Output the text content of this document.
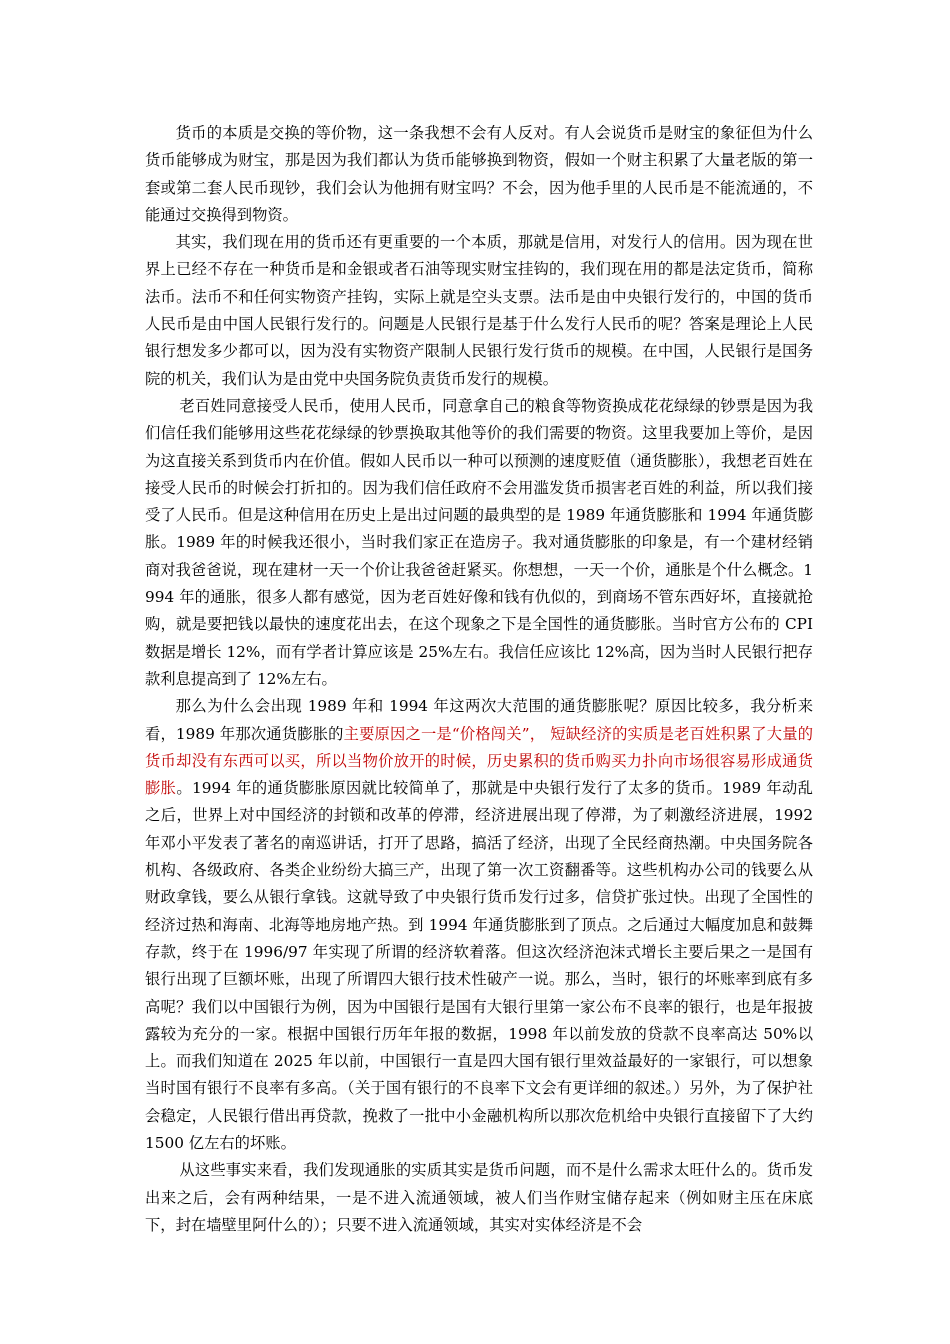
货币的本质是交换的等价物，这一条我想不会有人反对。有人会说货币是财宝的象征但为什么货币能够成为财宝，那是因为我们都认为货币能够换到物资，假如一个财主积累了大量老版的第一套或第二套人民币现钞，我们会认为他拥有财宝吗？不会，因为他手里的人民币是不能流通的，不能通过交换得到物资。

其实，我们现在用的货币还有更重要的一个本质，那就是信用，对发行人的信用。因为现在世界上已经不存在一种货币是和金银或者石油等现实财宝挂钩的，我们现在用的都是法定货币，简称法币。法币不和任何实物资产挂钩，实际上就是空头支票。法币是由中央银行发行的，中国的货币人民币是由中国人民银行发行的。问题是人民银行是基于什么发行人民币的呢？答案是理论上人民银行想发多少都可以，因为没有实物资产限制人民银行发行货币的规模。在中国，人民银行是国务院的机关，我们认为是由党中央国务院负责货币发行的规模。

老百姓同意接受人民币，使用人民币，同意拿自己的粮食等物资换成花花绿绿的钞票是因为我们信任我们能够用这些花花绿绿的钞票换取其他等价的我们需要的物资。这里我要加上等价，是因为这直接关系到货币内在价值。假如人民币以一种可以预测的速度贬值（通货膨胀），我想老百姓在接受人民币的时候会打折扣的。因为我们信任政府不会用滥发货币损害老百姓的利益，所以我们接受了人民币。但是这种信用在历史上是出过问题的最典型的是 1989 年通货膨胀和 1994 年通货膨胀。1989 年的时候我还很小，当时我们家正在造房子。我对通货膨胀的印象是，有一个建材经销商对我爸爸说，现在建材一天一个价让我爸爸赶紧买。你想想，一天一个价，通胀是个什么概念。1994 年的通胀，很多人都有感觉，因为老百姓好像和钱有仇似的，到商场不管东西好坏，直接就抢购，就是要把钱以最快的速度花出去，在这个现象之下是全国性的通货膨胀。当时官方公布的 CPI 数据是增长 12%，而有学者计算应该是 25%左右。我信任应该比 12%高，因为当时人民银行把存款利息提高到了 12%左右。

那么为什么会出现 1989 年和 1994 年这两次大范围的通货膨胀呢？原因比较多，我分析来看，1989 年那次通货膨胀的主要原因之一是“价格闯关”， 短缺经济的实质是老百姓积累了大量的货币却没有东西可以买，所以当物价放开的时候，历史累积的货币购买力扑向市场很容易形成通货膨胀。1994 年的通货膨胀原因就比较简单了，那就是中央银行发行了太多的货币。1989 年动乱之后，世界上对中国经济的封锁和改革的停滞，经济进展出现了停滞，为了刺激经济进展，1992 年邓小平发表了著名的南巡讲话，打开了思路，搞活了经济，出现了全民经商热潮。中央国务院各机构、各级政府、各类企业纷纷大搞三产，出现了第一次工资翻番等。这些机构办公司的钱要么从财政拿钱，要么从银行拿钱。这就导致了中央银行货币发行过多，信贷扩张过快。出现了全国性的经济过热和海南、北海等地房地产热。到 1994 年通货膨胀到了顶点。之后通过大幅度加息和鼓舞存款，终于在 1996/97 年实现了所谓的经济软着落。但这次经济泡沫式增长主要后果之一是国有银行出现了巨额坏账，出现了所谓四大银行技术性破产一说。那么，当时，银行的坏账率到底有多高呢？我们以中国银行为例，因为中国银行是国有大银行里第一家公布不良率的银行，也是年报披露较为充分的一家。根据中国银行历年年报的数据，1998 年以前发放的贷款不良率高达 50%以上。而我们知道在 2025 年以前，中国银行一直是四大国有银行里效益最好的一家银行，可以想象当时国有银行不良率有多高。（关于国有银行的不良率下文会有更详细的叙述。）另外，为了保护社会稳定，人民银行借出再贷款，挽救了一批中小金融机构所以那次危机给中央银行直接留下了大约 1500 亿左右的坏账。

从这些事实来看，我们发现通胀的实质其实是货币问题，而不是什么需求太旺什么的。货币发出来之后，会有两种结果，一是不进入流通领域，被人们当作财宝储存起来（例如财主压在床底下，封在墙壁里阿什么的）；只要不进入流通领域，其实对实体经济是不会
